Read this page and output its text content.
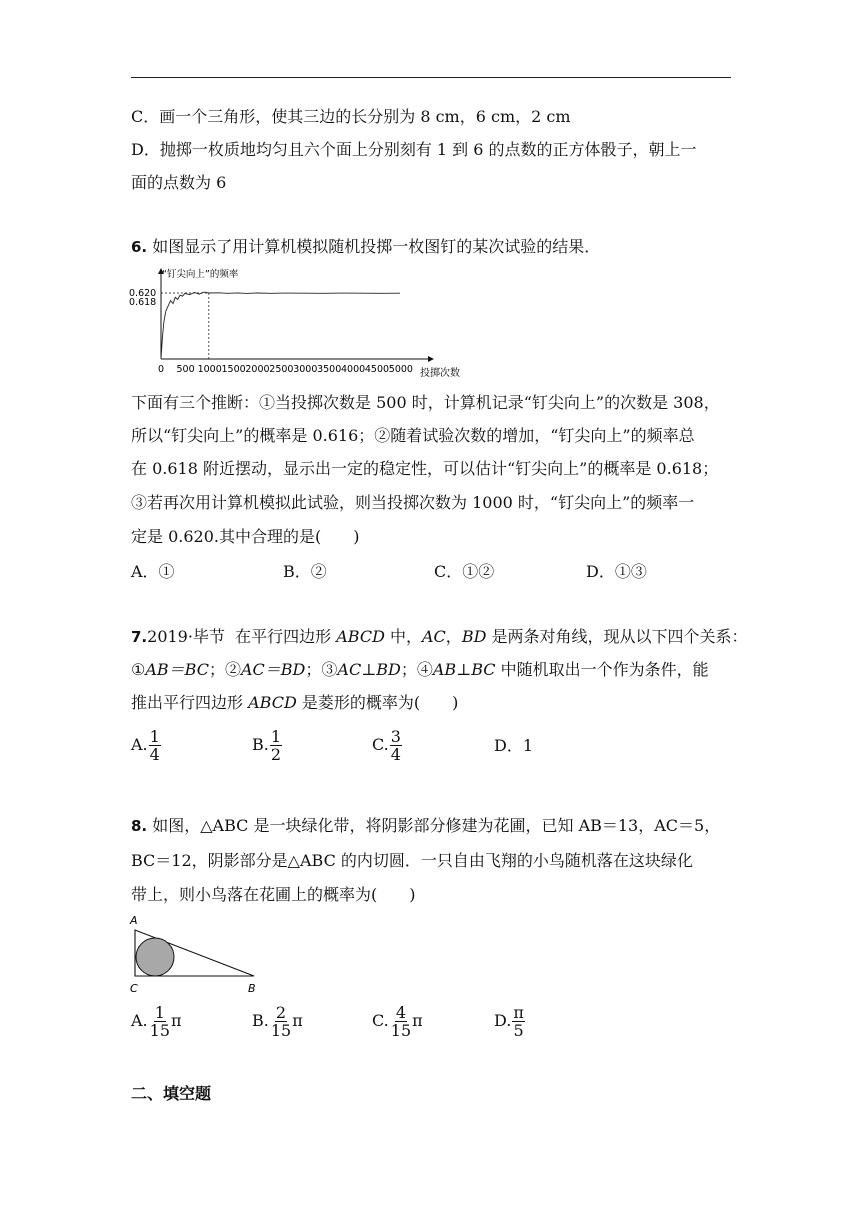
C．画一个三角形，使其三边的长分别为 8 cm，6 cm，2 cm
D．抛掷一枚质地均匀且六个面上分别刻有 1 到 6 的点数的正方体骰子，朝上一
面的点数为 6
6. 如图显示了用计算机模拟随机投掷一枚图钉的某次试验的结果．
“钉尖向上”的频率
投掷次数
0.620
0.618
0 500 1000 1500 2000 2500 3000 3500 4000 4500 5000
下面有三个推断：①当投掷次数是 500 时，计算机记录“钉尖向上”的次数是 308，
所以“钉尖向上”的概率是 0.616；②随着试验次数的增加，“钉尖向上”的频率总
在 0.618 附近摆动，显示出一定的稳定性，可以估计“钉尖向上”的概率是 0.618；
③若再次用计算机模拟此试验，则当投掷次数为 1000 时，“钉尖向上”的频率一
定是 0.620.其中合理的是(　　)
A．①	B．②	C．①②	D．①③
7.2019·毕节 在平行四边形 ABCD 中，AC，BD 是两条对角线，现从以下四个关系：
①AB＝BC；②AC＝BD；③AC⊥BD；④AB⊥BC 中随机取出一个作为条件，能
推出平行四边形 ABCD 是菱形的概率为(　　)
A. $\frac{1}{4}$	B. $\frac{1}{2}$	C. $\frac{3}{4}$	D．1
8. 如图，△ABC 是一块绿化带，将阴影部分修建为花圃，已知 AB＝13，AC＝5，
BC＝12，阴影部分是△ABC 的内切圆．一只自由飞翔的小鸟随机落在这块绿化
带上，则小鸟落在花圃上的概率为(　　)
A
C	B
A. $\frac{1}{15}$ π	B. $\frac{2}{15}$ π	C. $\frac{4}{15}$ π	D. $\frac{\pi}{5}$
二、填空题
